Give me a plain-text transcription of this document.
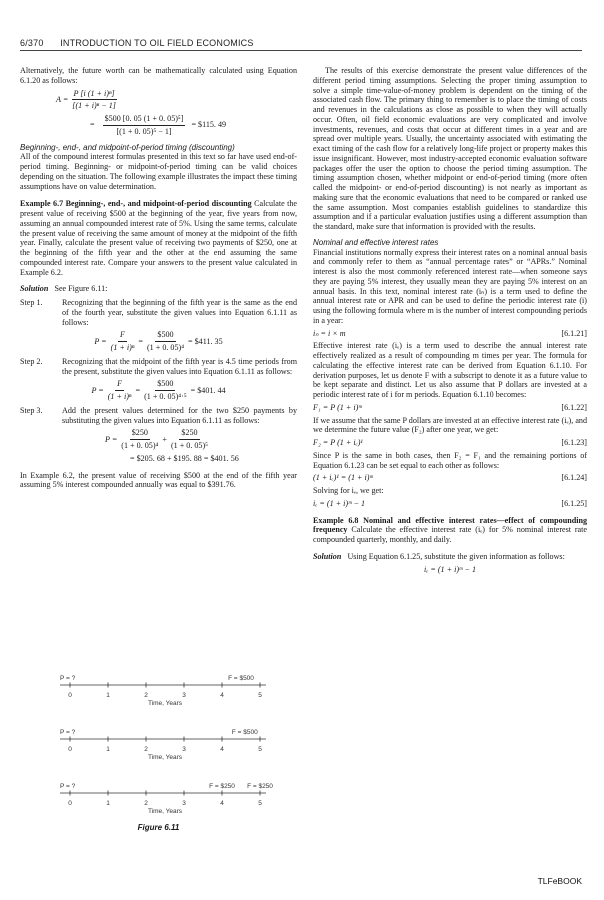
6/370 INTRODUCTION TO OIL FIELD ECONOMICS

Alternatively, the future worth can be mathematically calculated using Equation 6.1.20 as follows:

$A = \frac{\text{P [i (1 + i)ⁿ]}}{\text{[(1 + i)ⁿ − 1]}}$
= $\frac{\text{\$500 [0. 05 (1 + 0. 05)⁵]}}{\text{[(1 + 0. 05)⁵ − 1]}}$ = $115. 49

Beginning-, end-, and midpoint-of-period timing (discounting)

All of the compound interest formulas presented in this text so far have used end-of-period timing. Beginning- or midpoint-of-period timing can be valid choices depending on the situation. The following example illustrates the impact these timing assumptions have on value determination.

Example 6.7 Beginning-, end-, and midpoint-of-period discounting Calculate the present value of receiving $500 at the beginning of the year, five years from now, assuming an annual compounded interest rate of 5%. Using the same terms, calculate the present value of receiving the same amount of money at the midpoint of the fifth year. Finally, calculate the present value of receiving two payments of $250, one at the beginning of the fifth year and the other at the end assuming the same compounded interest rate. Compare your answers to the present value calculated in Example 6.2.

Solution See Figure 6.11:

Step 1. Recognizing that the beginning of the fifth year is the same as the end of the fourth year, substitute the given values into Equation 6.1.11 as follows:

$P = \frac{F}{\text{(1 + i)ⁿ}} = \frac{\$500}{\text{(1 + 0. 05)⁴}}$ = $411. 35
Step 2. Recognizing that the midpoint of the fifth year is 4.5 time periods from the present, substitute the given values into Equation 6.1.11 as follows:

$P = \frac{F}{\text{(1 + i)ⁿ}} = \frac{\$500}{\text{(1 + 0. 05)⁴·⁵}}$ = $401. 44
Step 3. Add the present values determined for the two $250 payments by substituting the given values into Equation 6.1.11 as follows:

$P = \frac{\$250}{\text{(1 + 0. 05)⁴}} + \frac{\$250}{\text{(1 + 0. 05)⁵}}$
= $205. 68 + $195. 88 = $401. 56

In Example 6.2, the present value of receiving $500 at the end of the fifth year assuming 5% interest compounded annually was equal to $391.76.

0	1	2	3	4	5
Time, Years
P = ?	F = $500
0	1	2	3	4	5
Time, Years
P = ?	F = $500
0	1	2	3	4	5
Time, Years
P = ?	F = $250 F = $250
Figure 6.11

The results of this exercise demonstrate the present value differences of the different period timing assumptions. Selecting the proper timing assumption to solve a simple time-value-of-money problem is dependent on the timing of the associated cash flow. The primary thing to remember is to place the timing of costs and revenues in the calculations as close as possible to when they will actually occur. Often, oil field economic evaluations are very complicated and involve investments, revenues, and costs that occur at different times in a year and are spread over multiple years. Usually, the uncertainty associated with estimating the exact timing of the cash flow for a relatively long-life project or property makes this issue insignificant. However, most industry-accepted economic evaluation software packages offer the user the option to choose the period timing assumption. The timing assumption chosen, whether midpoint or end-of-period timing (more often called the midpoint- or end-of-period discounting) is not nearly as important as making sure that the economic evaluations that need to be compared or ranked use the same assumption. Most companies establish guidelines to standardize this assumption and if a particular evaluation justifies using a different assumption than the standard, make sure that information is provided with the results.

Nominal and effective interest rates

Financial institutions normally express their interest rates on a nominal annual basis and commonly refer to them as “annual percentage rates” or “APRs.” Nominal interest is also the most commonly referenced interest rate—when someone says they are paying 5% interest, they usually mean they are paying 5% interest on an annual basis. In this text, nominal interest rate (iₙ) is a term used to define the annual interest rate or APR and can be used to define the periodic interest rate (i) using the following formula where m is the number of interest compounding periods in a year:

iₙ = i × m	[6.1.21]

Effective interest rate (iₑ) is a term used to describe the annual interest rate effectively realized as a result of compounding m times per year. The formula for calculating the effective interest rate can be derived from Equation 6.1.10. For derivation purposes, let us denote F with a subscript to denote it as a future value to be kept separate and distinct. Let us also assume that P dollars are invested at a periodic interest rate of i for m periods. Equation 6.1.10 becomes:

F₁ = P (1 + i)ᵐ	[6.1.22]

If we assume that the same P dollars are invested at an effective interest rate (iₑ), and we determine the future value (F₂) after one year, we get:

F₂ = P (1 + iₑ)¹	[6.1.23]

Since P is the same in both cases, then F₂ = F₁ and the remaining portions of Equation 6.1.23 can be set equal to each other as follows:

(1 + iₑ)¹ = (1 + i)ᵐ	[6.1.24]

Solving for iₑ, we get:

iₑ = (1 + i)ᵐ − 1	[6.1.25]

Example 6.8 Nominal and effective interest rates—effect of compounding frequency Calculate the effective interest rate (iₑ) for 5% nominal interest rate compounded quarterly, monthly, and daily.

Solution Using Equation 6.1.25, substitute the given information as follows:

iₑ = (1 + i)ᵐ − 1
TLFeBOOK
